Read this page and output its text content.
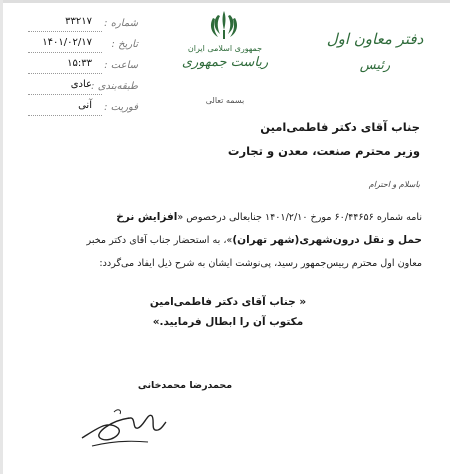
شماره :
۳۳۲۱۷
تاریخ :
۱۴۰۱/۰۲/۱۷
ساعت :
۱۵:۳۳
طبقه‌بندی :
عادی
فوریت :
آنی
جمهوری اسلامی ایران
ریاست جمهوری
دفتر معاون اول
رئیس
بسمه تعالی
جناب آقای دکتر فاطمی‌امین
وزیر محترم صنعت، معدن و تجارت
باسلام و احترام
نامه شماره ۶۰/۴۴۶۵۶ مورخ ۱۴۰۱/۲/۱۰ جنابعالی درخصوص «افزایش نرخ
حمل و نقل درون‌شهری(شهر تهران)»، به استحضار جناب آقای دکتر مخبر
معاون اول محترم رییس‌جمهور رسید، پی‌نوشت ایشان به شرح ذیل ایفاد می‌گردد:
« جناب آقای دکتر فاطمی‌امین
مکتوب آن را ابطال فرمایید.»
محمدرضا محمدخانی
